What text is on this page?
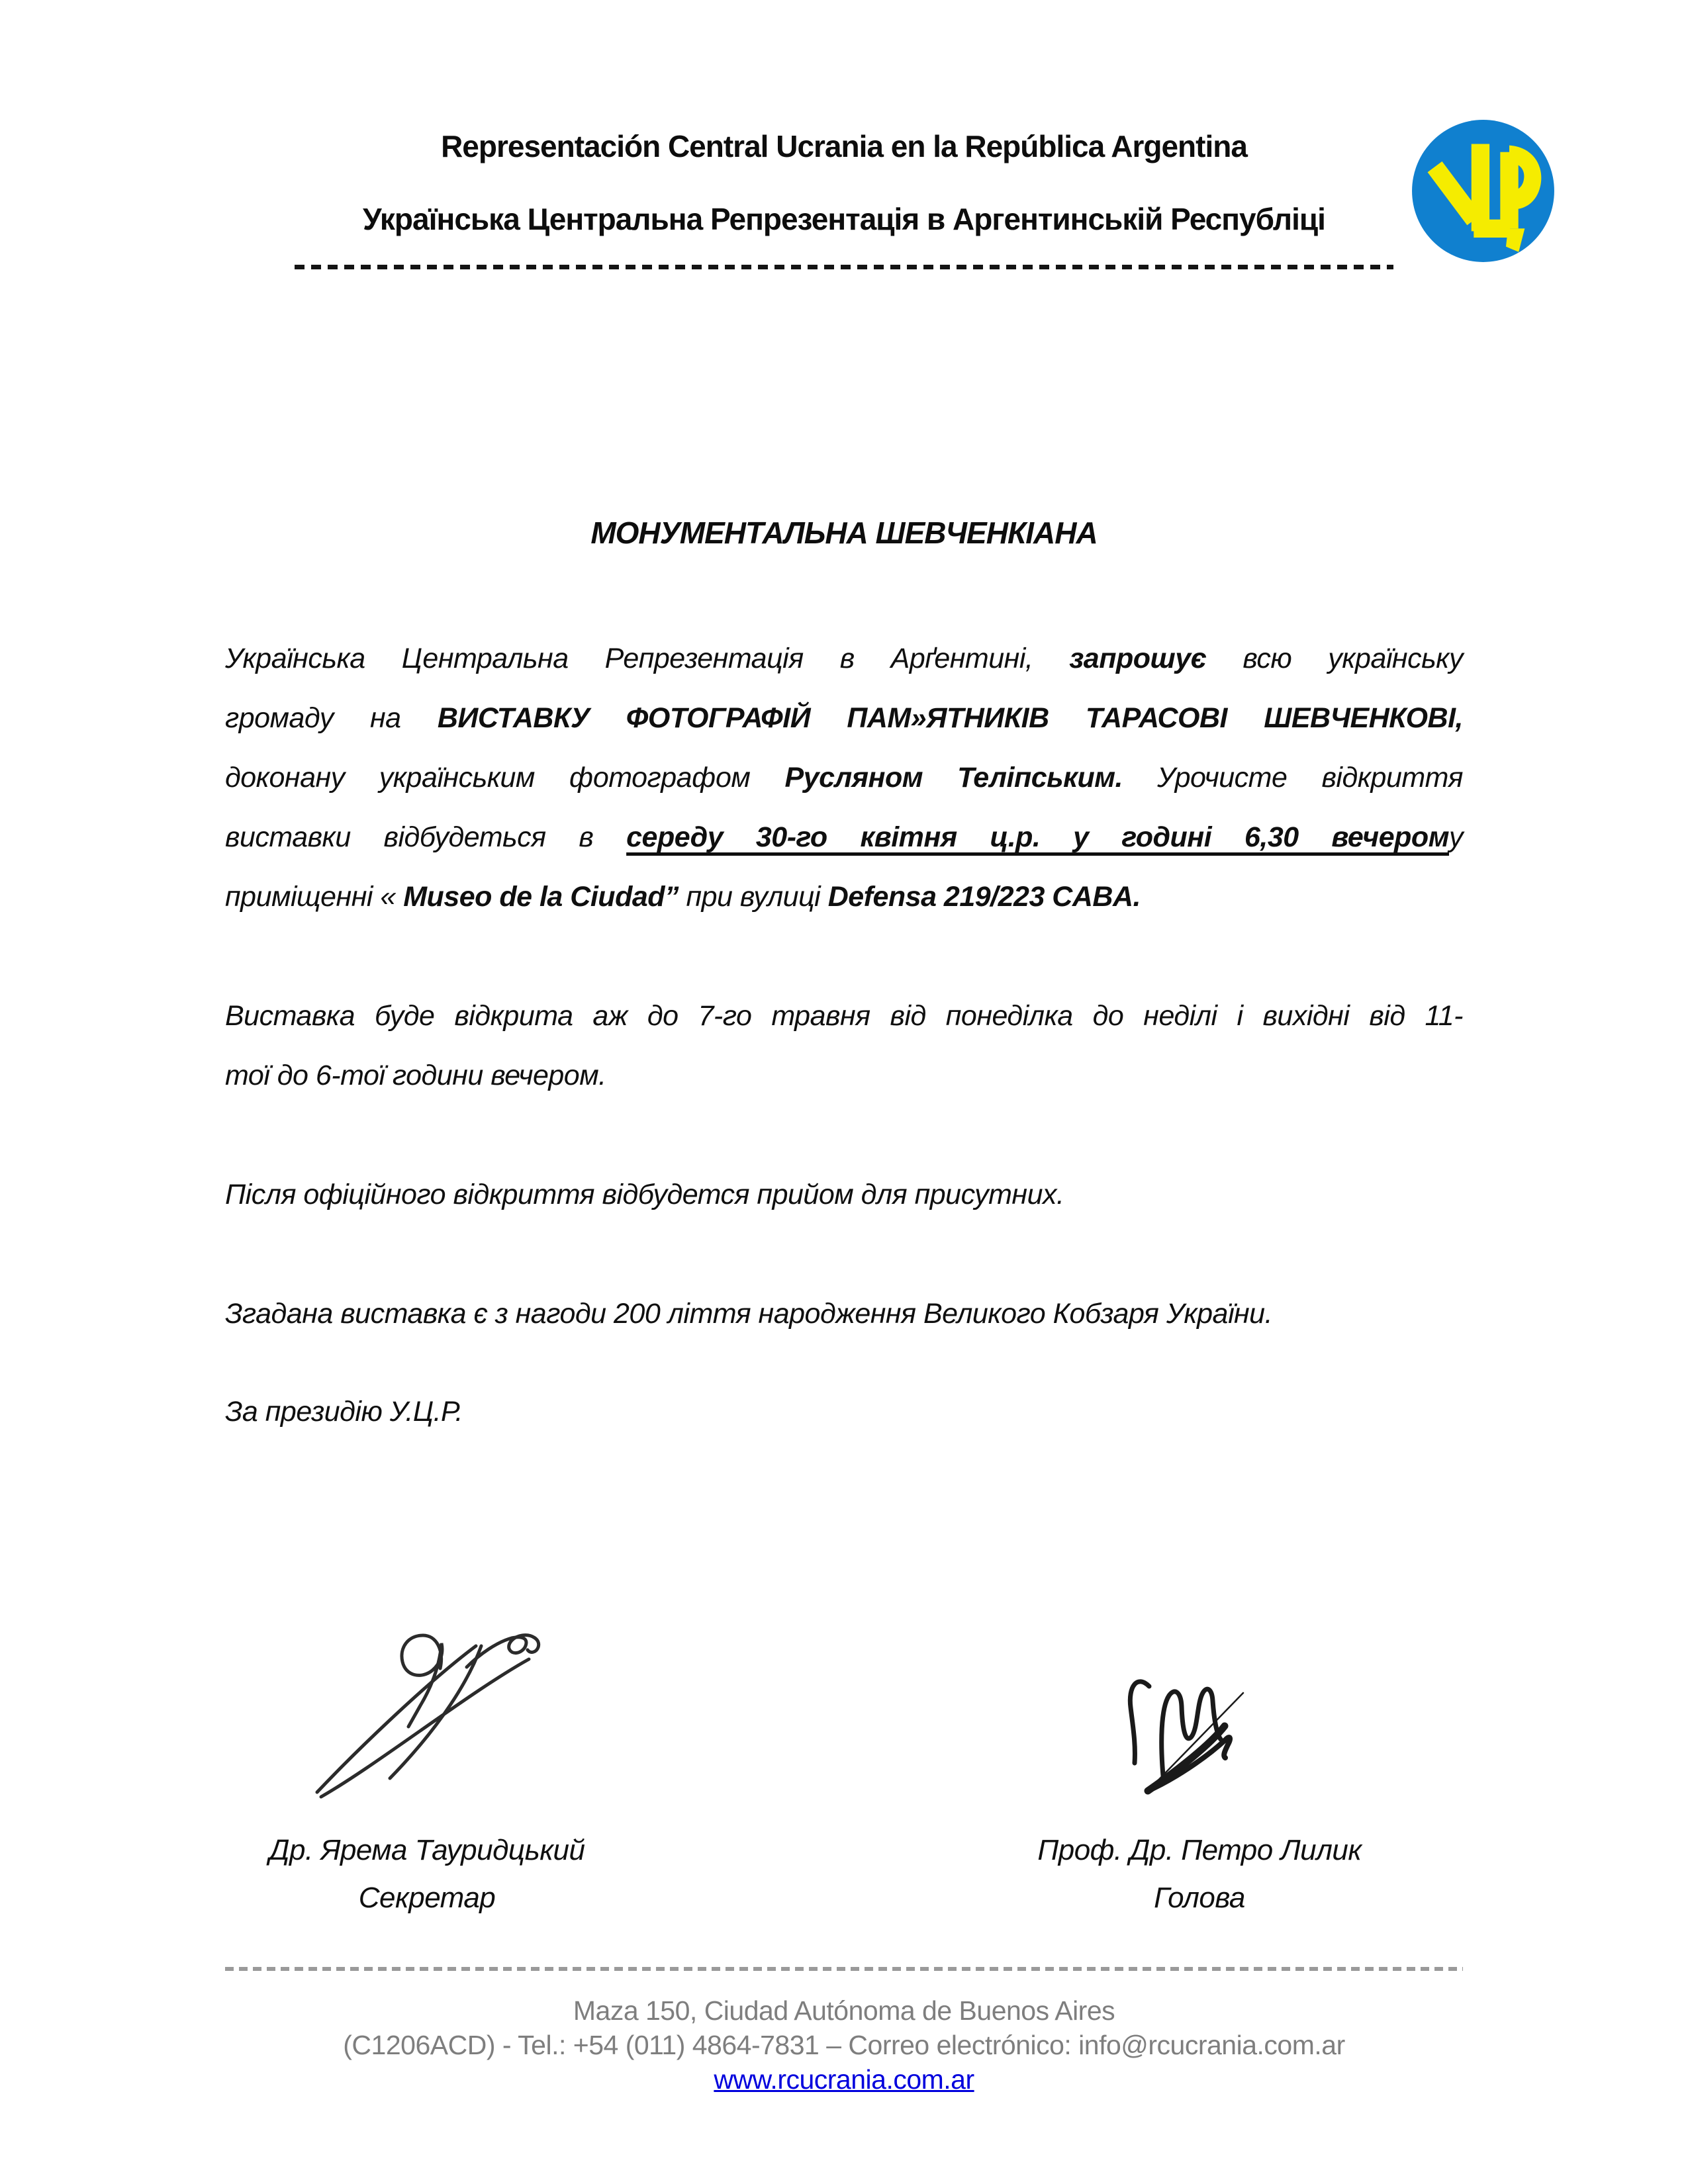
Representación Central Ucrania en la República Argentina
Українська Центральна Репрезентація в Аргентинській Республіці
МОНУМЕНТАЛЬНА ШЕВЧЕНКІАНА
Українська Центральна Репрезентація в Арґентині, запрошує всю українську
громаду на ВИСТАВКУ ФОТОГРАФІЙ ПАМ»ЯТНИКІВ ТАРАСОВІ ШЕВЧЕНКОВІ,
доконану українським фотографом Русляном Теліпським. Урочисте відкриття
виставки відбудеться в середу 30-го квітня ц.р. у годині 6,30 вечерому
приміщенні « Museo de la Ciudad” при вулиці Defensa 219/223 CABA.
Виставка буде відкрита аж до 7-го травня від понеділка до неділі і вихідні від 11-
тої до 6-тої години вечером.
Після офіційного відкриття відбудется прийом для присутних.
Згадана виставка є з нагоди 200 ліття народження Великого Кобзаря України.
За президію У.Ц.Р.
Др. Ярема Тауридцький
Секретар
Проф. Др. Петро Лилик
Голова
Maza 150, Ciudad Autónoma de Buenos Aires
(C1206ACD) - Tel.: +54 (011) 4864-7831 – Correo electrónico: info@rcucrania.com.ar
www.rcucrania.com.ar
